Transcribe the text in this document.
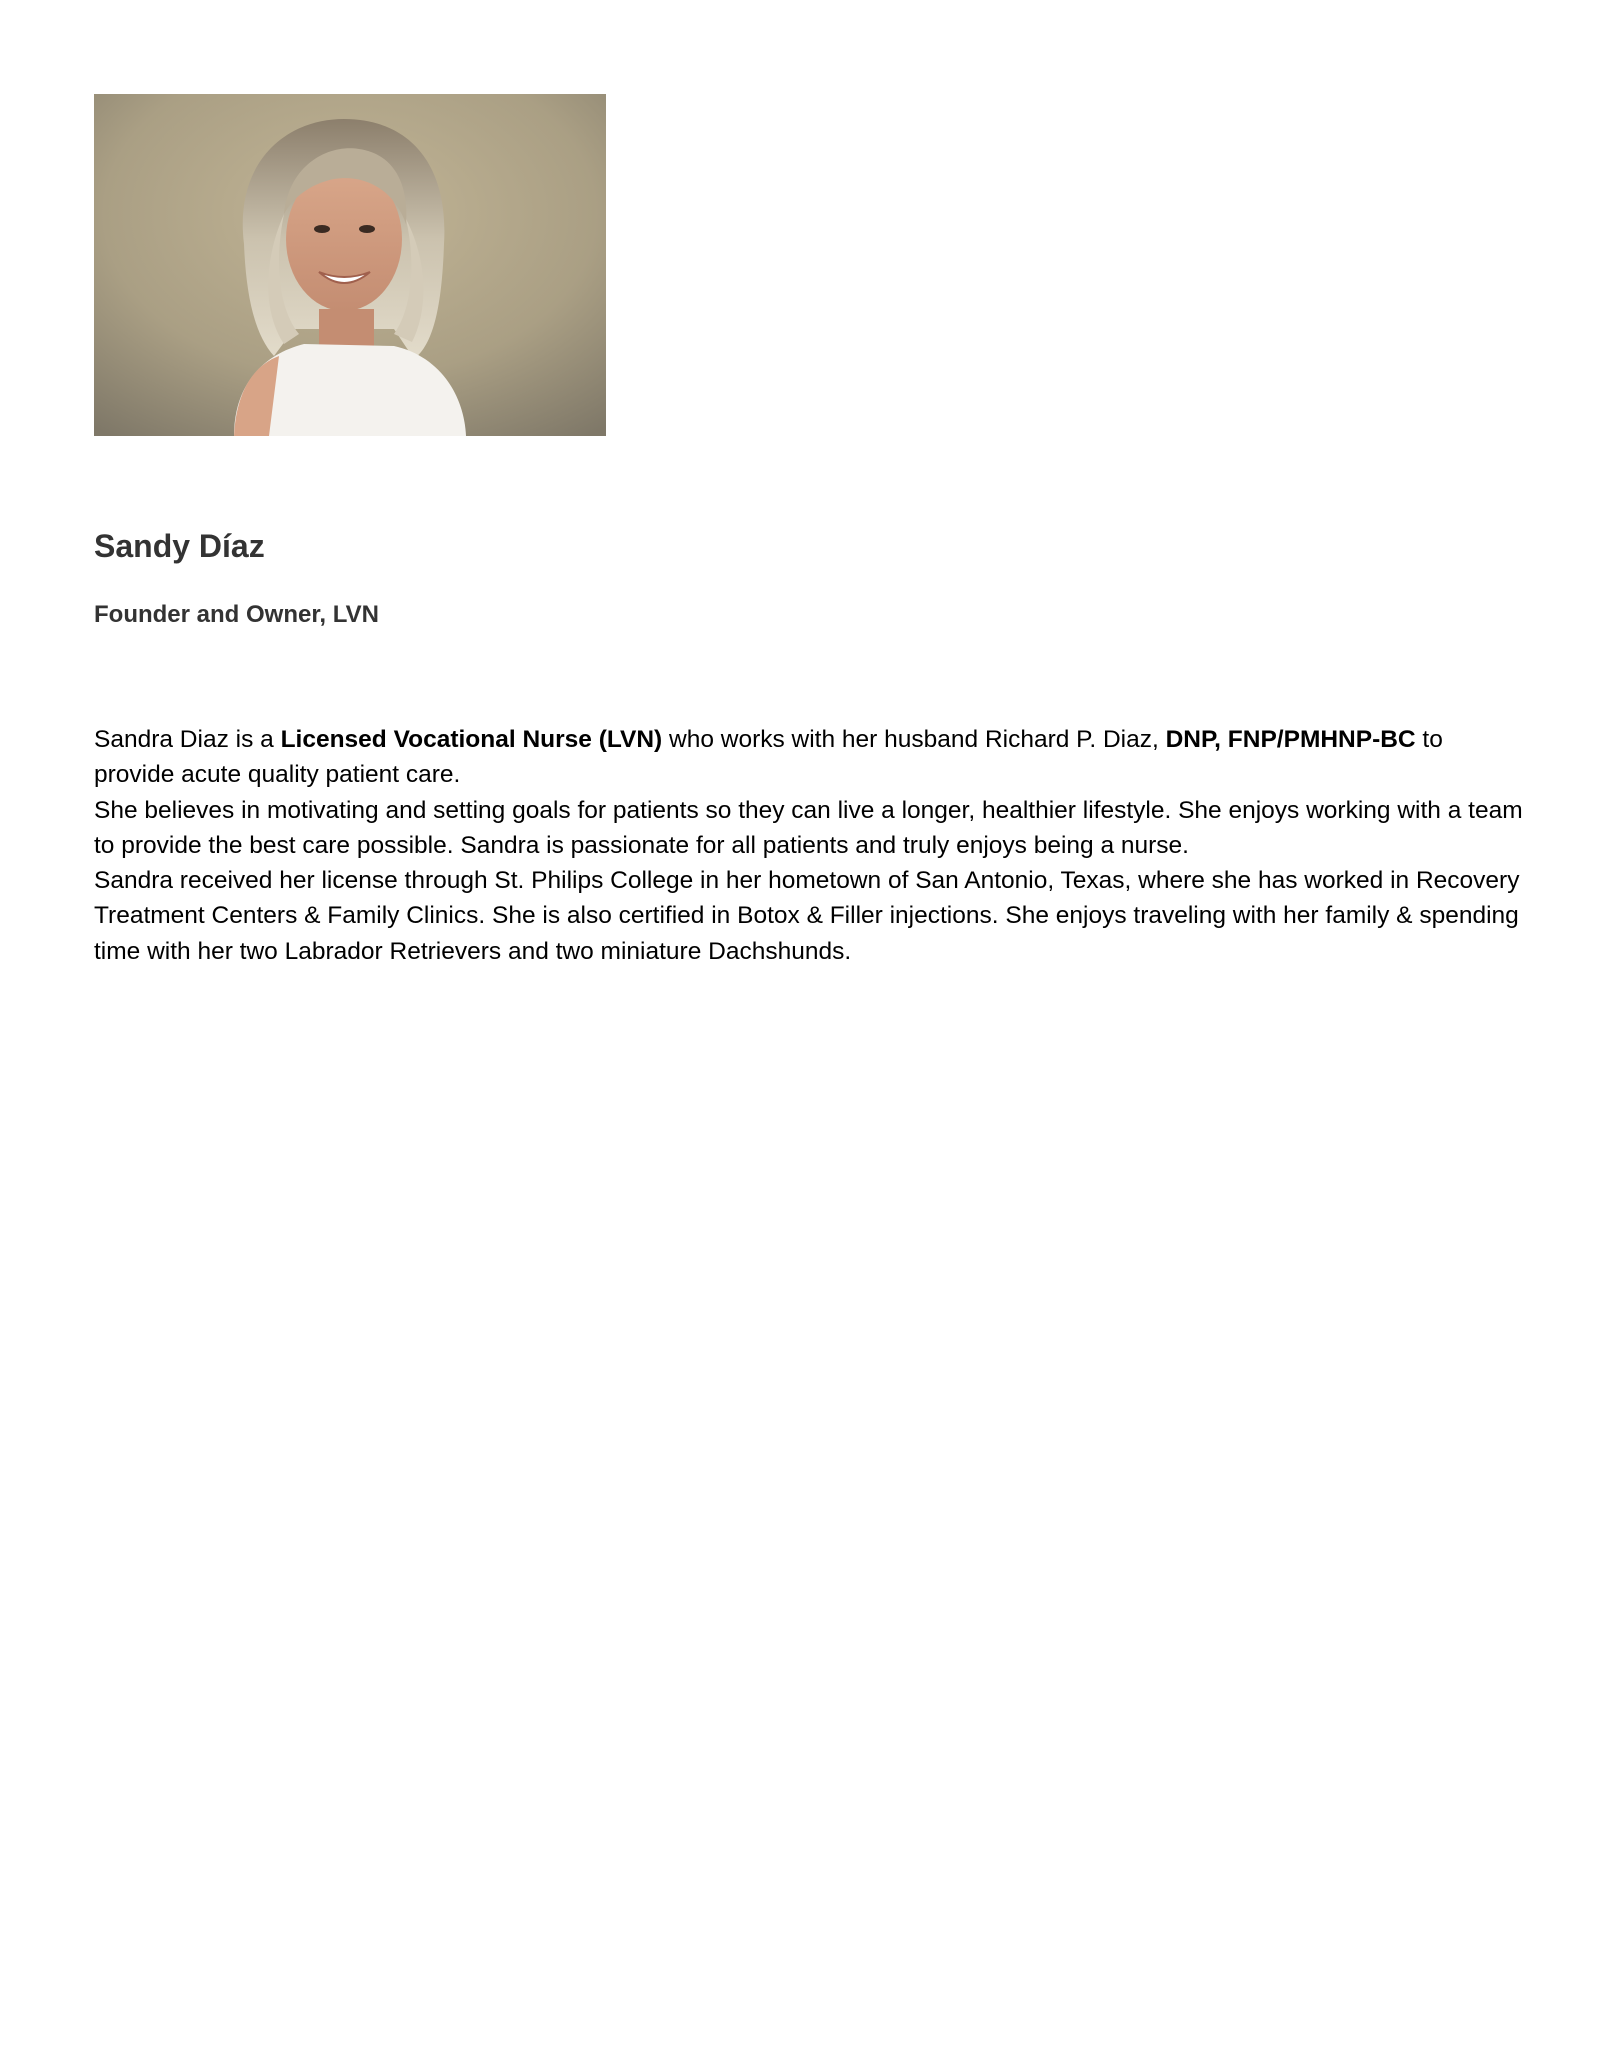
Sandy Díaz
Founder and Owner, LVN

Sandra Diaz is a Licensed Vocational Nurse (LVN) who works with her husband Richard P. Diaz, DNP, FNP/PMHNP-BC to provide acute quality patient care.

She believes in motivating and setting goals for patients so they can live a longer, healthier lifestyle. She enjoys working with a team to provide the best care possible. Sandra is passionate for all patients and truly enjoys being a nurse.

Sandra received her license through St. Philips College in her hometown of San Antonio, Texas, where she has worked in Recovery Treatment Centers & Family Clinics. She is also certified in Botox & Filler injections. She enjoys traveling with her family & spending time with her two Labrador Retrievers and two miniature Dachshunds.
